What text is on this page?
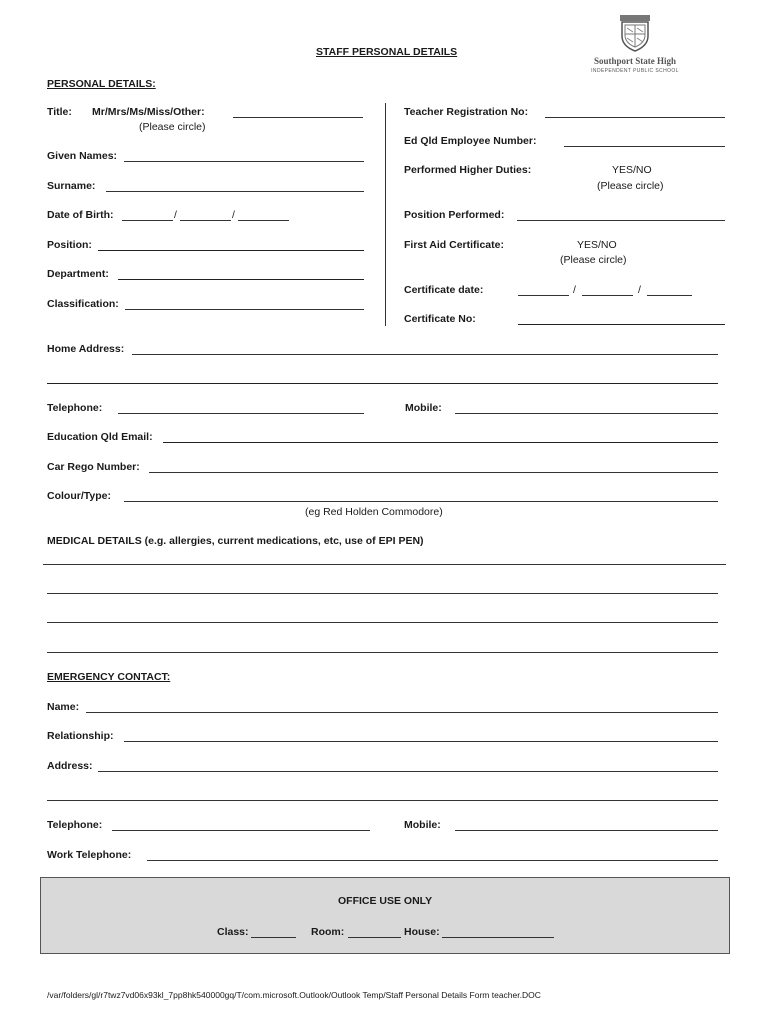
STAFF PERSONAL DETAILS
Southport State High
INDEPENDENT PUBLIC SCHOOL
PERSONAL DETAILS:
Title: Mr/Mrs/Ms/Miss/Other:
(Please circle)
Given Names:
Surname:
Date of Birth:	/	/
Position:
Department:
Classification:
Teacher Registration No:
Ed Qld Employee Number:
Performed Higher Duties:	YES/NO
(Please circle)
Position Performed:
First Aid Certificate:	YES/NO
(Please circle)
Certificate date:	/	/
Certificate No:
Home Address:
Telephone:	Mobile:
Education Qld Email:
Car Rego Number:
Colour/Type:
(eg Red Holden Commodore)
MEDICAL DETAILS (e.g. allergies, current medications, etc, use of EPI PEN)
EMERGENCY CONTACT:
Name:
Relationship:
Address:
Telephone:	Mobile:
Work Telephone:
OFFICE USE ONLY
Class:	Room:	House:
/var/folders/gl/r7twz7vd06x93kl_7pp8hk540000gq/T/com.microsoft.Outlook/Outlook Temp/Staff Personal Details Form teacher.DOC
